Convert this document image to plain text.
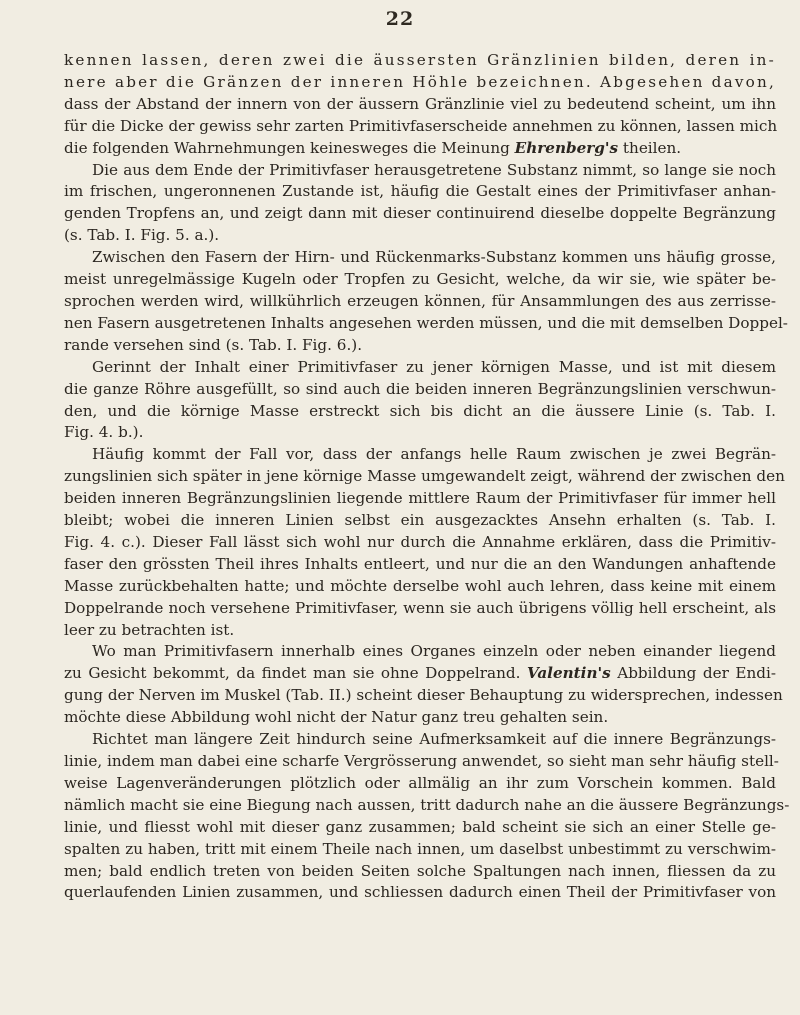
22
kennen lassen, deren zwei die äussersten Gränzlinien bilden, deren in-
nere aber die Gränzen der inneren Höhle bezeichnen. Abgesehen davon,
dass der Abstand der innern von der äussern Gränzlinie viel zu bedeutend scheint, um ihn
für die Dicke der gewiss sehr zarten Primitivfaserscheide annehmen zu können, lassen mich
die folgenden Wahrnehmungen keinesweges die Meinung Ehrenberg's theilen.
Die aus dem Ende der Primitivfaser herausgetretene Substanz nimmt, so lange sie noch
im frischen, ungeronnenen Zustande ist, häufig die Gestalt eines der Primitivfaser anhan-
genden Tropfens an, und zeigt dann mit dieser continuirend dieselbe doppelte Begränzung
(s. Tab. I. Fig. 5. a.).
Zwischen den Fasern der Hirn- und Rückenmarks-Substanz kommen uns häufig grosse,
meist unregelmässige Kugeln oder Tropfen zu Gesicht, welche, da wir sie, wie später be-
sprochen werden wird, willkührlich erzeugen können, für Ansammlungen des aus zerrisse-
nen Fasern ausgetretenen Inhalts angesehen werden müssen, und die mit demselben Doppel-
rande versehen sind (s. Tab. I. Fig. 6.).
Gerinnt der Inhalt einer Primitivfaser zu jener körnigen Masse, und ist mit diesem
die ganze Röhre ausgefüllt, so sind auch die beiden inneren Begränzungslinien verschwun-
den, und die körnige Masse erstreckt sich bis dicht an die äussere Linie (s. Tab. I.
Fig. 4. b.).
Häufig kommt der Fall vor, dass der anfangs helle Raum zwischen je zwei Begrän-
zungslinien sich später in jene körnige Masse umgewandelt zeigt, während der zwischen den
beiden inneren Begränzungslinien liegende mittlere Raum der Primitivfaser für immer hell
bleibt; wobei die inneren Linien selbst ein ausgezacktes Ansehn erhalten (s. Tab. I.
Fig. 4. c.). Dieser Fall lässt sich wohl nur durch die Annahme erklären, dass die Primitiv-
faser den grössten Theil ihres Inhalts entleert, und nur die an den Wandungen anhaftende
Masse zurückbehalten hatte; und möchte derselbe wohl auch lehren, dass keine mit einem
Doppelrande noch versehene Primitivfaser, wenn sie auch übrigens völlig hell erscheint, als
leer zu betrachten ist.
Wo man Primitivfasern innerhalb eines Organes einzeln oder neben einander liegend
zu Gesicht bekommt, da findet man sie ohne Doppelrand. Valentin's Abbildung der Endi-
gung der Nerven im Muskel (Tab. II.) scheint dieser Behauptung zu widersprechen, indessen
möchte diese Abbildung wohl nicht der Natur ganz treu gehalten sein.
Richtet man längere Zeit hindurch seine Aufmerksamkeit auf die innere Begränzungs-
linie, indem man dabei eine scharfe Vergrösserung anwendet, so sieht man sehr häufig stell-
weise Lagenveränderungen plötzlich oder allmälig an ihr zum Vorschein kommen. Bald
nämlich macht sie eine Biegung nach aussen, tritt dadurch nahe an die äussere Begränzungs-
linie, und fliesst wohl mit dieser ganz zusammen; bald scheint sie sich an einer Stelle ge-
spalten zu haben, tritt mit einem Theile nach innen, um daselbst unbestimmt zu verschwim-
men; bald endlich treten von beiden Seiten solche Spaltungen nach innen, fliessen da zu
querlaufenden Linien zusammen, und schliessen dadurch einen Theil der Primitivfaser von
